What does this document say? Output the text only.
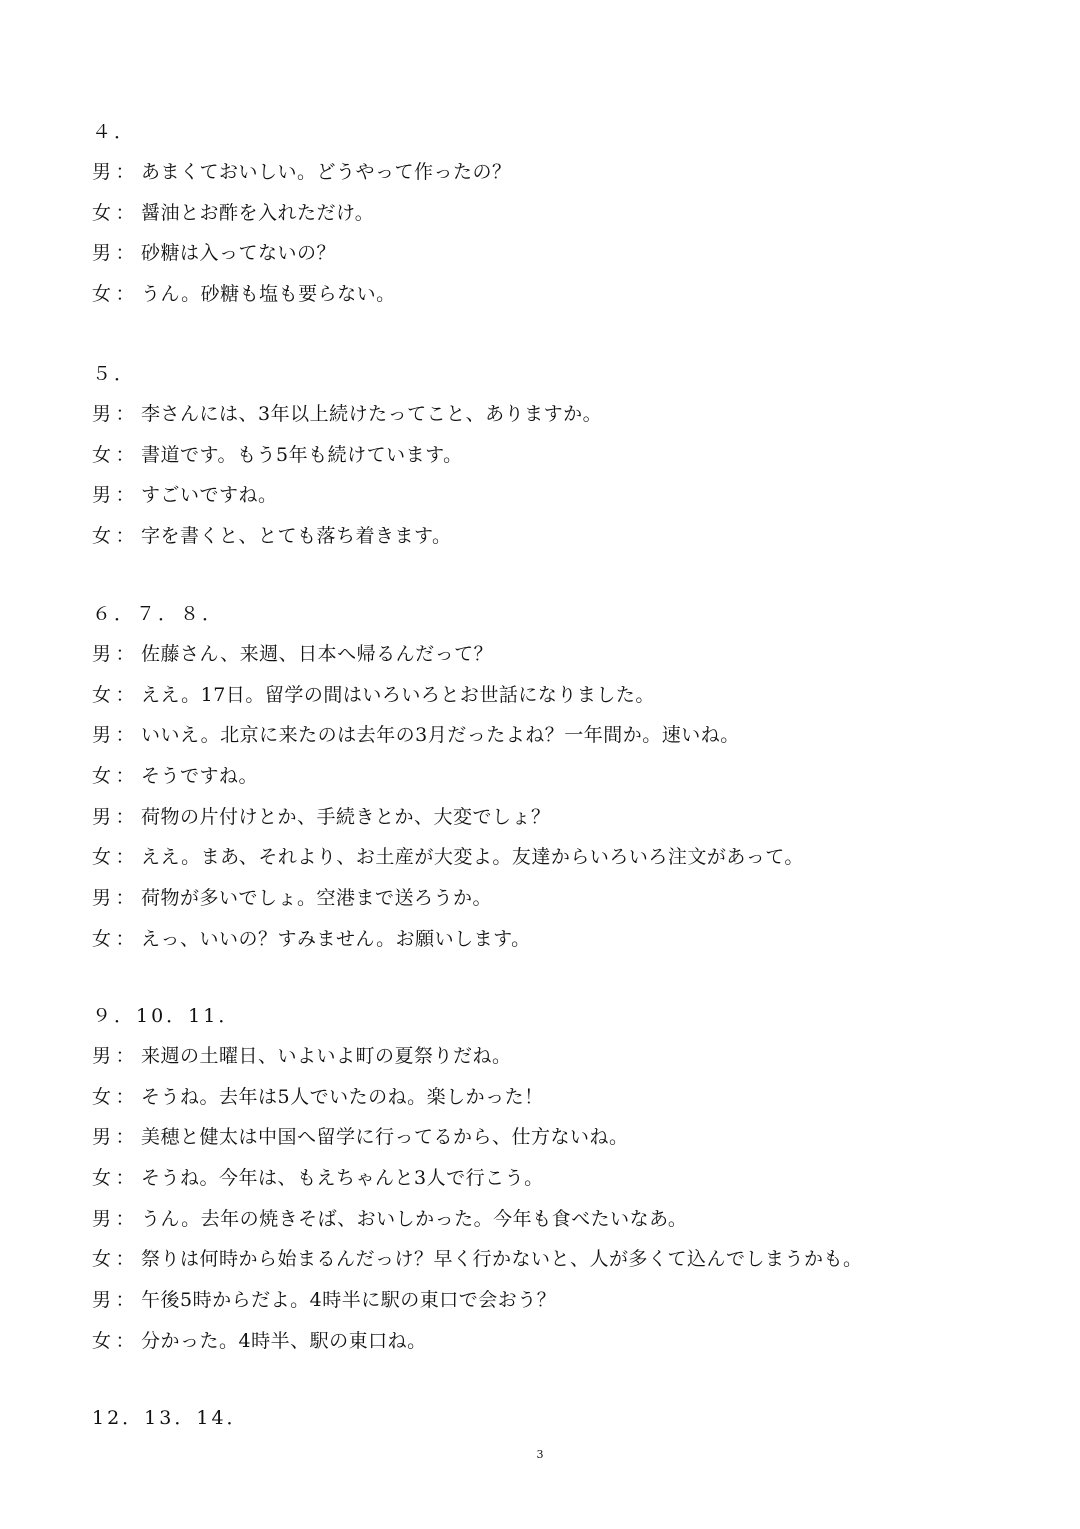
４．
男 ： あまくておいしい。どうやって作ったの？
女 ： 醤油とお酢を入れただけ。
男 ： 砂糖は入ってないの？
女 ： うん。砂糖も塩も要らない。
５．
男 ： 李さんには、3年以上続けたってこと、ありますか。
女 ： 書道です。もう5年も続けています。
男 ： すごいですね。
女 ： 字を書くと、とても落ち着きます。
６．７．８．
男 ： 佐藤さん、来週、日本へ帰るんだって？
女 ： ええ。17日。留学の間はいろいろとお世話になりました。
男 ： いいえ。北京に来たのは去年の3月だったよね？一年間か。速いね。
女 ： そうですね。
男 ： 荷物の片付けとか、手続きとか、大変でしょ？
女 ： ええ。まあ、それより、お土産が大変よ。友達からいろいろ注文があって。
男 ： 荷物が多いでしょ。空港まで送ろうか。
女 ： えっ、いいの？すみません。お願いします。
９．10．11．
男 ： 来週の土曜日、いよいよ町の夏祭りだね。
女 ： そうね。去年は5人でいたのね。楽しかった！
男 ： 美穂と健太は中国へ留学に行ってるから、仕方ないね。
女 ： そうね。今年は、もえちゃんと3人で行こう。
男 ： うん。去年の焼きそば、おいしかった。今年も食べたいなあ。
女 ： 祭りは何時から始まるんだっけ？早く行かないと、人が多くて込んでしまうかも。
男 ： 午後5時からだよ。4時半に駅の東口で会おう？
女 ： 分かった。4時半、駅の東口ね。
12．13．14．
3
